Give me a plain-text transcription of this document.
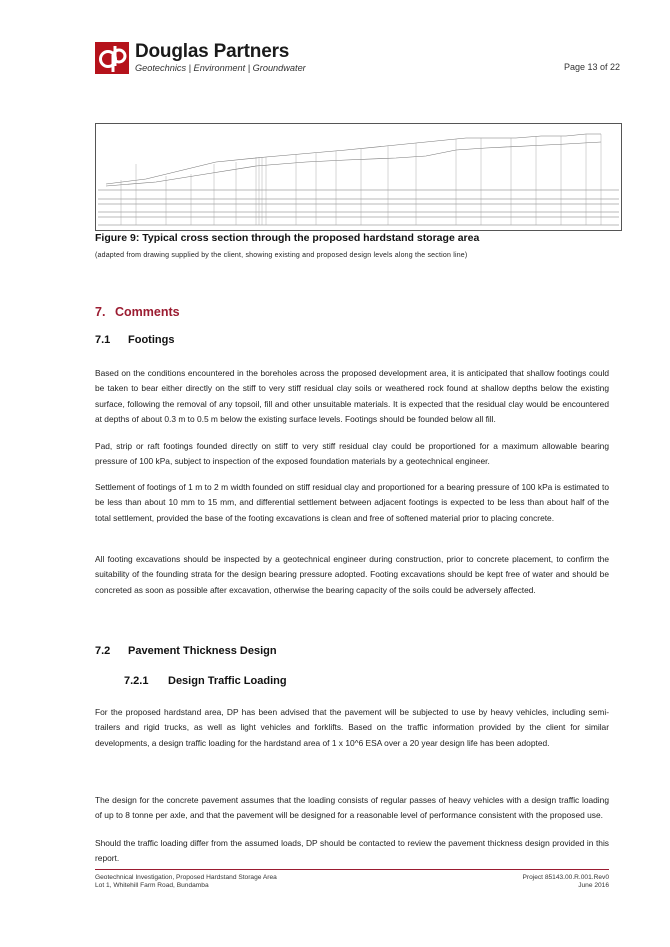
Douglas Partners
Geotechnics | Environment | Groundwater	Page 13 of 22
Figure 9: Typical cross section through the proposed hardstand storage area
(adapted from drawing supplied by the client, showing existing and proposed design levels along the section line)
7. Comments
7.1 Footings
Based on the conditions encountered in the boreholes across the proposed development area, it is anticipated that shallow footings could be taken to bear either directly on the stiff to very stiff residual clay soils or weathered rock found at shallow depths below the existing surface, following the removal of any topsoil, fill and other unsuitable materials. It is expected that the residual clay would be encountered at depths of about 0.3 m to 0.5 m below the existing surface levels. Footings should be founded below all fill.
Pad, strip or raft footings founded directly on stiff to very stiff residual clay could be proportioned for a maximum allowable bearing pressure of 100 kPa, subject to inspection of the exposed foundation materials by a geotechnical engineer.
Settlement of footings of 1 m to 2 m width founded on stiff residual clay and proportioned for a bearing pressure of 100 kPa is estimated to be less than about 10 mm to 15 mm, and differential settlement between adjacent footings is expected to be less than about half of the total settlement, provided the base of the footing excavations is clean and free of softened material prior to placing concrete.
All footing excavations should be inspected by a geotechnical engineer during construction, prior to concrete placement, to confirm the suitability of the founding strata for the design bearing pressure adopted. Footing excavations should be kept free of water and should be concreted as soon as possible after excavation, otherwise the bearing capacity of the soils could be adversely affected.
7.2 Pavement Thickness Design
7.2.1 Design Traffic Loading
For the proposed hardstand area, DP has been advised that the pavement will be subjected to use by heavy vehicles, including semi-trailers and rigid trucks, as well as light vehicles and forklifts. Based on the traffic information provided by the client for similar developments, a design traffic loading for the hardstand area of 1 x 10^6 ESA over a 20 year design life has been adopted.
The design for the concrete pavement assumes that the loading consists of regular passes of heavy vehicles with a design traffic loading of up to 8 tonne per axle, and that the pavement will be designed for a reasonable level of performance consistent with the proposed use.
Should the traffic loading differ from the assumed loads, DP should be contacted to review the pavement thickness design provided in this report.
Geotechnical Investigation, Proposed Hardstand Storage Area
Lot 1, Whitehill Farm Road, Bundamba
Project 85143.00.R.001.Rev0
June 2016
